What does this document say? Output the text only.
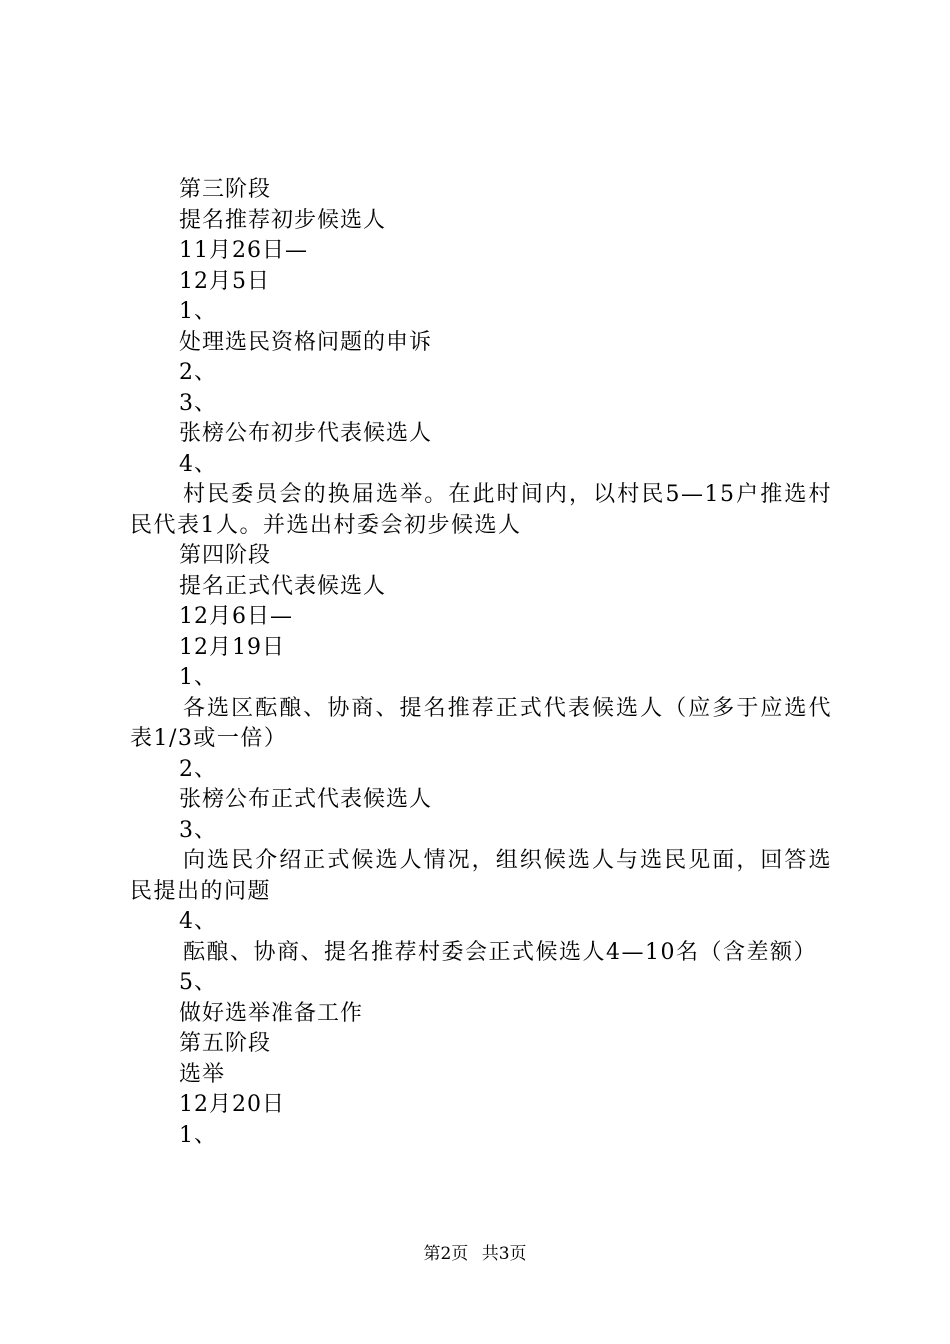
第三阶段
提名推荐初步候选人
11月26日—
12月5日
1、
处理选民资格问题的申诉
2、
3、
张榜公布初步代表候选人
4、
村民委员会的换届选举。在此时间内，以村民5—15户推选村民代表1人。并选出村委会初步候选人
第四阶段
提名正式代表候选人
12月6日—
12月19日
1、
各选区酝酿、协商、提名推荐正式代表候选人（应多于应选代表1/3或一倍）
2、
张榜公布正式代表候选人
3、
向选民介绍正式候选人情况，组织候选人与选民见面，回答选民提出的问题
4、
酝酿、协商、提名推荐村委会正式候选人4—10名（含差额）
5、
做好选举准备工作
第五阶段
选举
12月20日
1、
第2页 共3页
